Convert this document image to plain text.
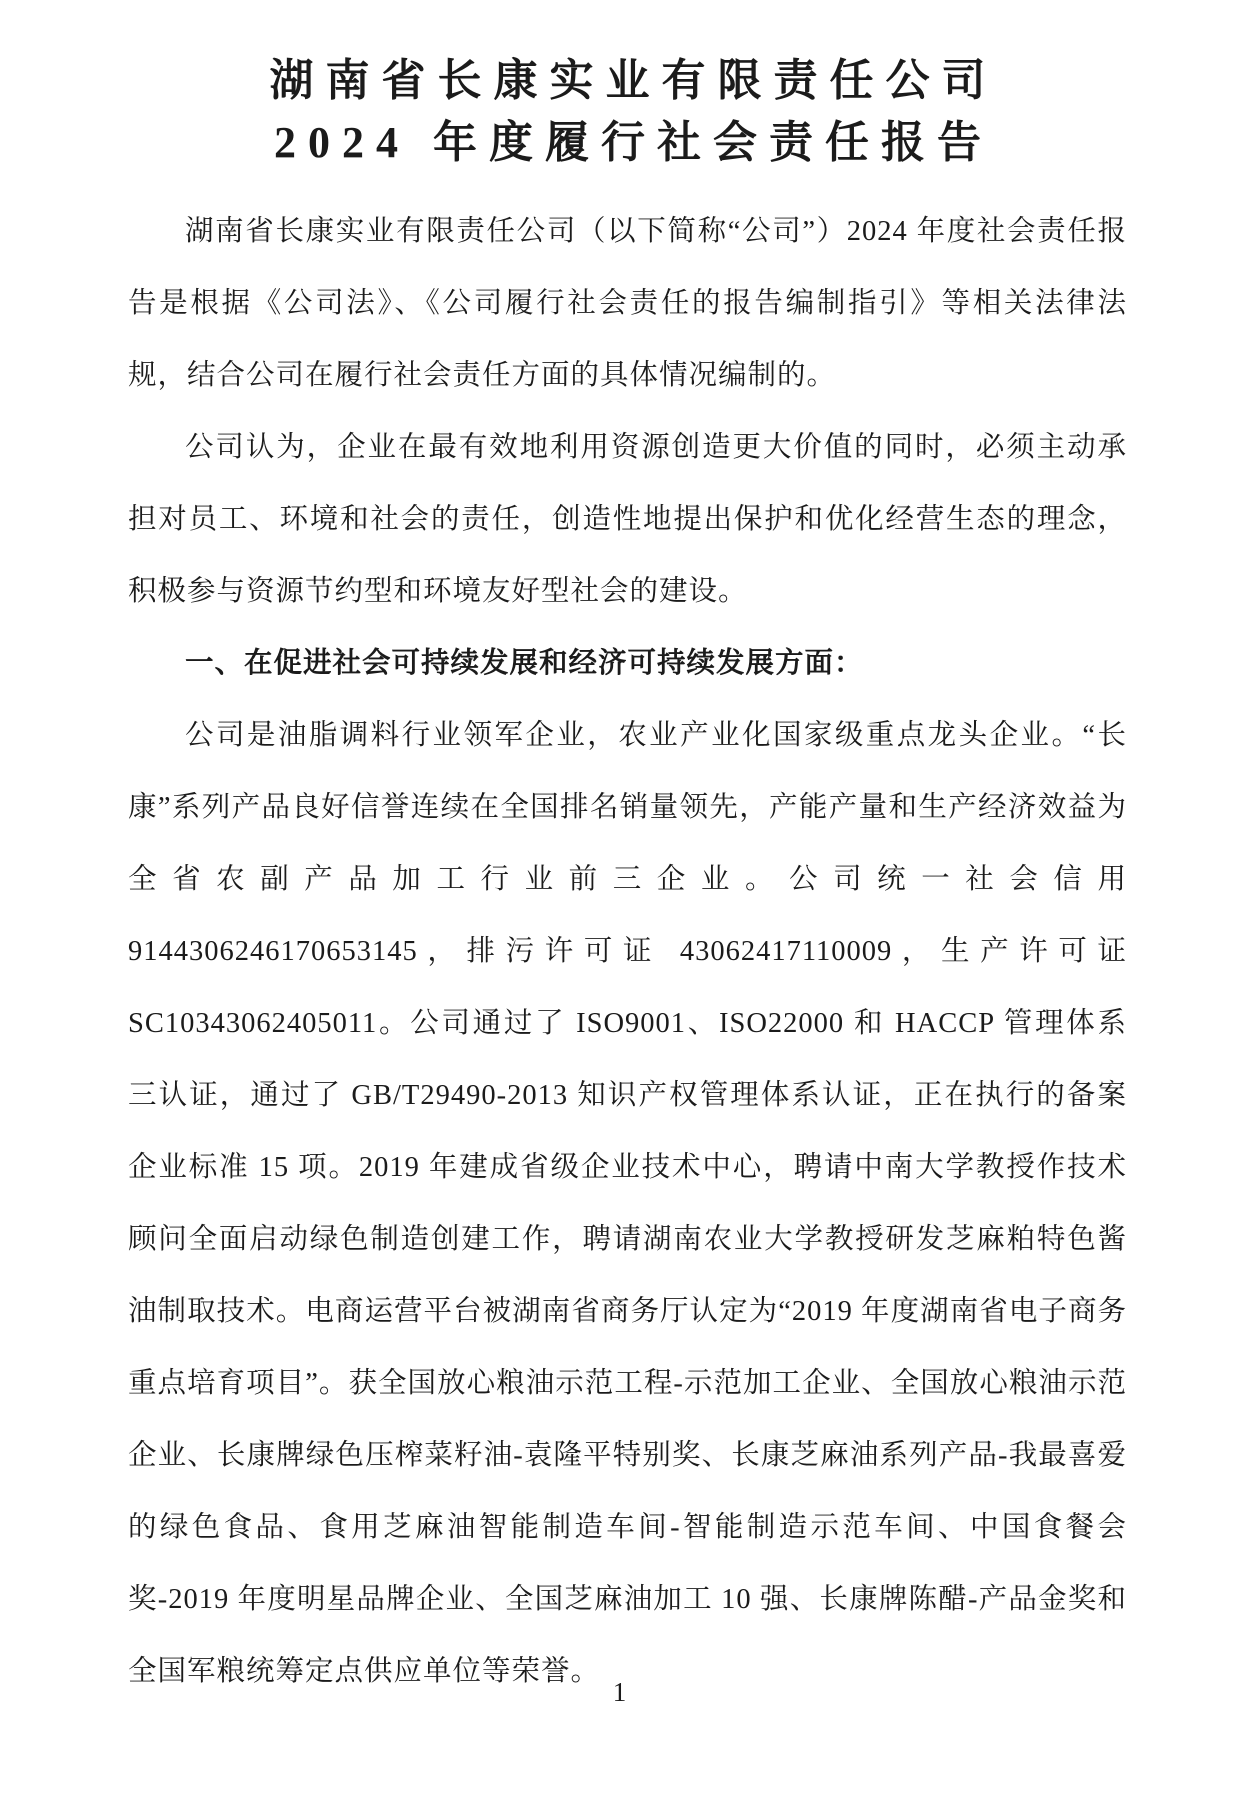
湖南省长康实业有限责任公司
2024 年度履行社会责任报告

湖南省长康实业有限责任公司（以下简称“公司”）2024 年度社会责任报告是根据《公司法》、《公司履行社会责任的报告编制指引》等相关法律法规，结合公司在履行社会责任方面的具体情况编制的。

公司认为，企业在最有效地利用资源创造更大价值的同时，必须主动承担对员工、环境和社会的责任，创造性地提出保护和优化经营生态的理念，积极参与资源节约型和环境友好型社会的建设。

一、在促进社会可持续发展和经济可持续发展方面：

公司是油脂调料行业领军企业，农业产业化国家级重点龙头企业。“长康”系列产品良好信誉连续在全国排名销量领先，产能产量和生产经济效益为全省农副产品加工行业前三企业。公司统一社会信用 9144306246170653145，排污许可证 43062417110009，生产许可证 SC10343062405011。公司通过了 ISO9001、ISO22000 和 HACCP 管理体系三认证，通过了 GB/T29490-2013 知识产权管理体系认证，正在执行的备案企业标准 15 项。2019 年建成省级企业技术中心，聘请中南大学教授作技术顾问全面启动绿色制造创建工作，聘请湖南农业大学教授研发芝麻粕特色酱油制取技术。电商运营平台被湖南省商务厅认定为“2019 年度湖南省电子商务重点培育项目”。获全国放心粮油示范工程-示范加工企业、全国放心粮油示范企业、长康牌绿色压榨菜籽油-袁隆平特别奖、长康芝麻油系列产品-我最喜爱的绿色食品、食用芝麻油智能制造车间-智能制造示范车间、中国食餐会奖-2019 年度明星品牌企业、全国芝麻油加工 10 强、长康牌陈醋-产品金奖和全国军粮统筹定点供应单位等荣誉。

1
